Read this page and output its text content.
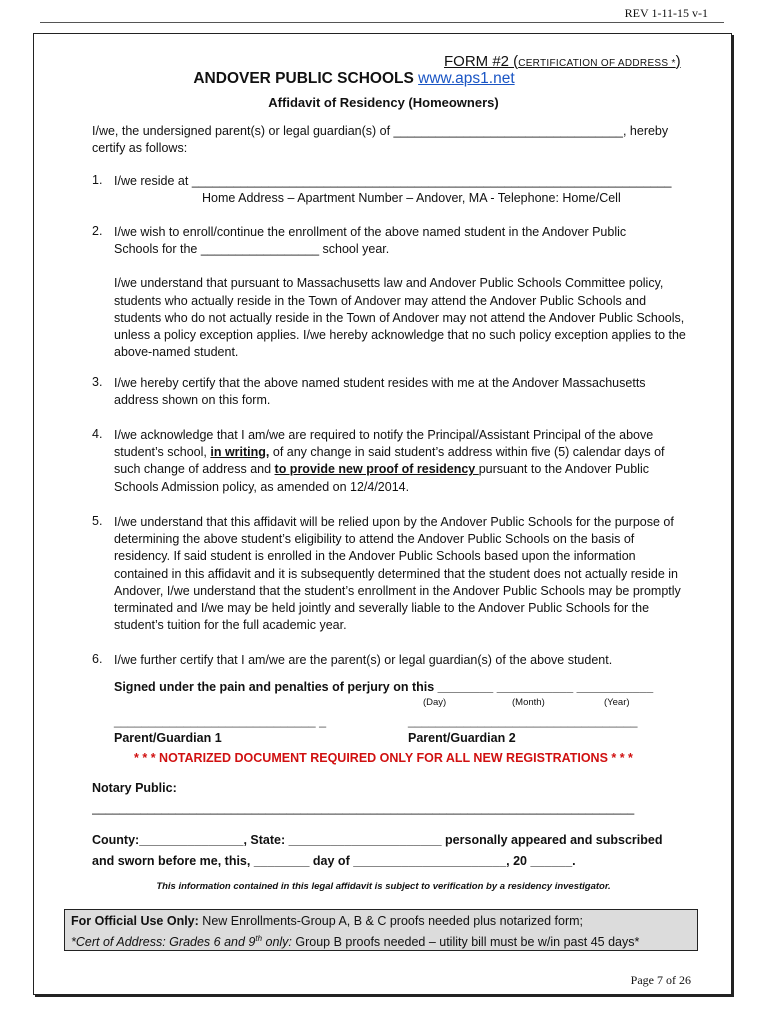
REV 1-11-15 v-1
FORM #2 (CERTIFICATION OF ADDRESS *)
ANDOVER PUBLIC SCHOOLS www.aps1.net
Affidavit of Residency (Homeowners)
I/we, the undersigned parent(s) or legal guardian(s) of _________________________________, hereby
certify as follows:
1. I/we reside at _____________________________________________________________________
Home Address – Apartment Number – Andover, MA - Telephone: Home/Cell
2. I/we wish to enroll/continue the enrollment of the above named student in the Andover Public
Schools for the _________________ school year.
I/we understand that pursuant to Massachusetts law and Andover Public Schools Committee policy, students who actually reside in the Town of Andover may attend the Andover Public Schools and students who do not actually reside in the Town of Andover may not attend the Andover Public Schools, unless a policy exception applies. I/we hereby acknowledge that no such policy exception applies to the above-named student.
3. I/we hereby certify that the above named student resides with me at the Andover Massachusetts address shown on this form.
4. I/we acknowledge that I am/we are required to notify the Principal/Assistant Principal of the above student’s school, in writing, of any change in said student’s address within five (5) calendar days of such change of address and to provide new proof of residency pursuant to the Andover Public Schools Admission policy, as amended on 12/4/2014.
5. I/we understand that this affidavit will be relied upon by the Andover Public Schools for the purpose of determining the above student’s eligibility to attend the Andover Public Schools on the basis of residency. If said student is enrolled in the Andover Public Schools based upon the information contained in this affidavit and it is subsequently determined that the student does not actually reside in Andover, I/we understand that the student’s enrollment in the Andover Public Schools may be promptly terminated and I/we may be held jointly and severally liable to the Andover Public Schools for the student’s tuition for the full academic year.
6. I/we further certify that I am/we are the parent(s) or legal guardian(s) of the above student.
Signed under the pain and penalties of perjury on this ________ ___________ ___________
(Day)	(Month)	(Year)
_____________________________ _	_________________________________
Parent/Guardian 1	Parent/Guardian 2
* * * NOTARIZED DOCUMENT REQUIRED ONLY FOR ALL NEW REGISTRATIONS * * *
Notary Public:
______________________________________________________________________________
County:_______________, State: ______________________ personally appeared and subscribed
and sworn before me, this, ________ day of ______________________, 20 ______.
This information contained in this legal affidavit is subject to verification by a residency investigator.
For Official Use Only: New Enrollments-Group A, B & C proofs needed plus notarized form;
*Cert of Address: Grades 6 and 9th only: Group B proofs needed – utility bill must be w/in past 45 days*
Page 7 of 26
